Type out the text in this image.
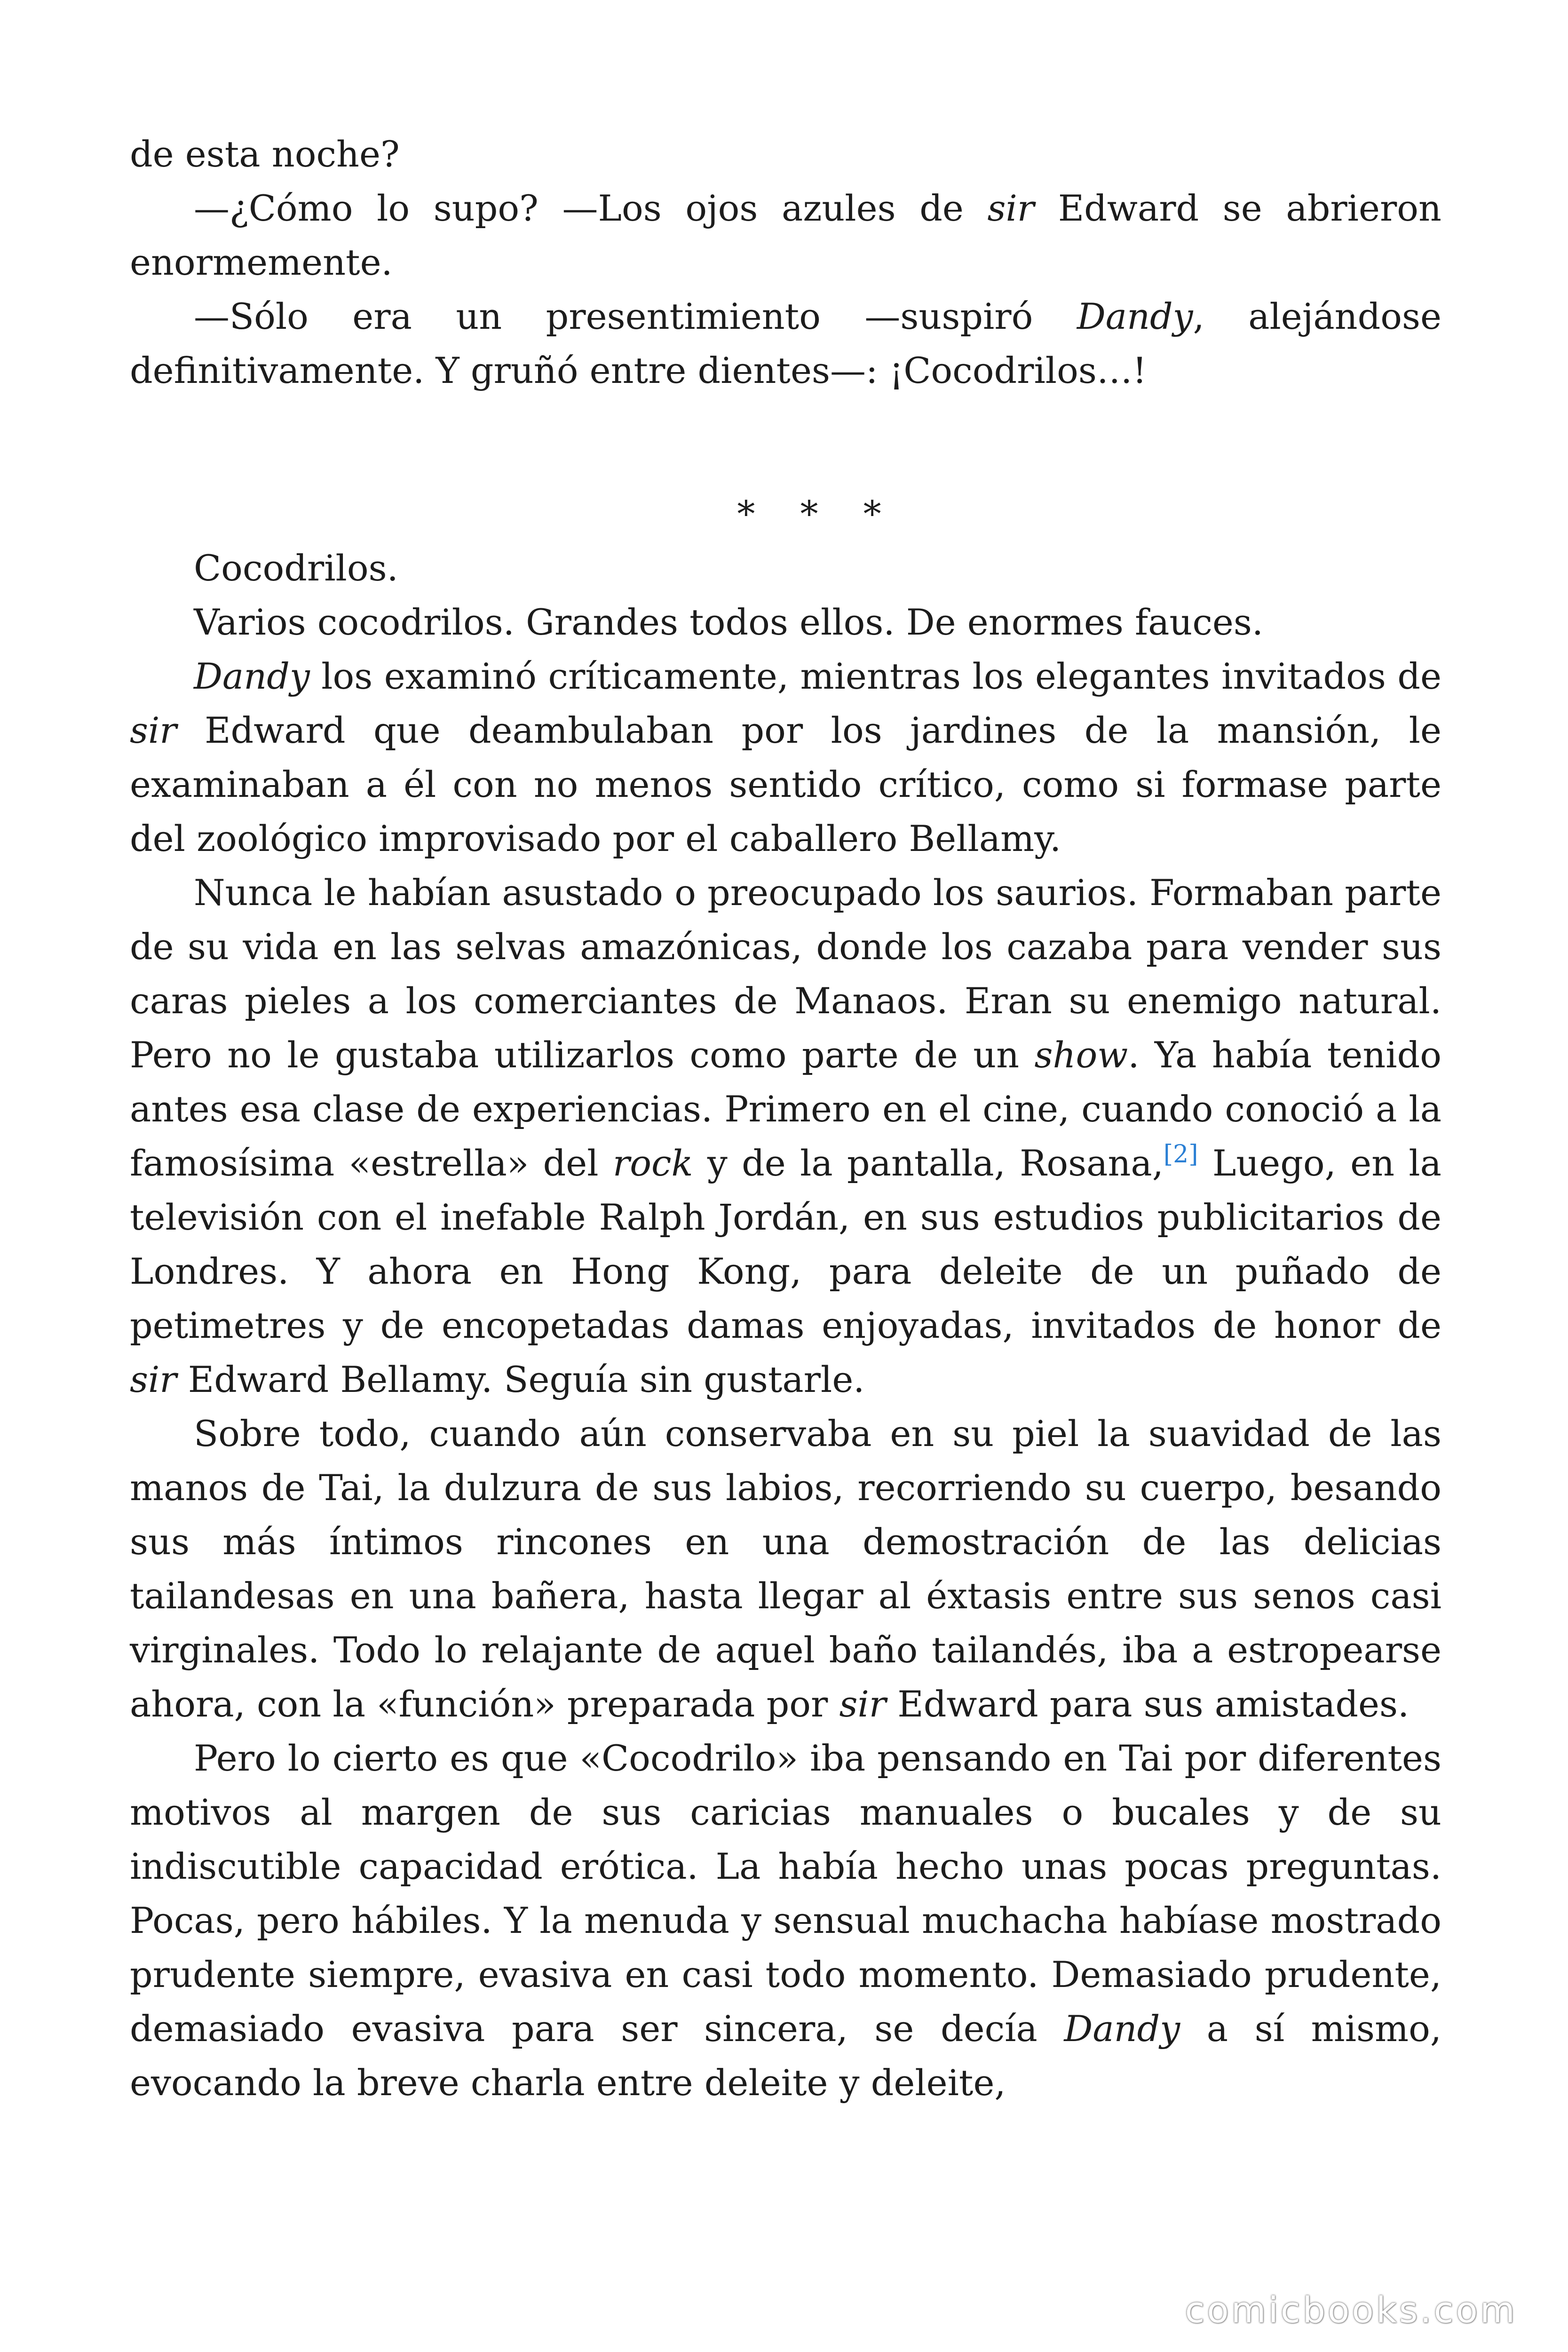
de esta noche?

—¿Cómo lo supo? —Los ojos azules de sir Edward se abrieron enormemente.

—Sólo era un presentimiento —suspiró Dandy, alejándose definitivamente. Y gruñó entre dientes—: ¡Cocodrilos…!

* * *

Cocodrilos.

Varios cocodrilos. Grandes todos ellos. De enormes fauces.

Dandy los examinó críticamente, mientras los elegantes invitados de sir Edward que deambulaban por los jardines de la mansión, le examinaban a él con no menos sentido crítico, como si formase parte del zoológico improvisado por el caballero Bellamy.

Nunca le habían asustado o preocupado los saurios. Formaban parte de su vida en las selvas amazónicas, donde los cazaba para vender sus caras pieles a los comerciantes de Manaos. Eran su enemigo natural. Pero no le gustaba utilizarlos como parte de un show. Ya había tenido antes esa clase de experiencias. Primero en el cine, cuando conoció a la famosísima «estrella» del rock y de la pantalla, Rosana,[2] Luego, en la televisión con el inefable Ralph Jordán, en sus estudios publicitarios de Londres. Y ahora en Hong Kong, para deleite de un puñado de petimetres y de encopetadas damas enjoyadas, invitados de honor de sir Edward Bellamy. Seguía sin gustarle.

Sobre todo, cuando aún conservaba en su piel la suavidad de las manos de Tai, la dulzura de sus labios, recorriendo su cuerpo, besando sus más íntimos rincones en una demostración de las delicias tailandesas en una bañera, hasta llegar al éxtasis entre sus senos casi virginales. Todo lo relajante de aquel baño tailandés, iba a estropearse ahora, con la «función» preparada por sir Edward para sus amistades.

Pero lo cierto es que «Cocodrilo» iba pensando en Tai por diferentes motivos al margen de sus caricias manuales o bucales y de su indiscutible capacidad erótica. La había hecho unas pocas preguntas. Pocas, pero hábiles. Y la menuda y sensual muchacha habíase mostrado prudente siempre, evasiva en casi todo momento. Demasiado prudente, demasiado evasiva para ser sincera, se decía Dandy a sí mismo, evocando la breve charla entre deleite y deleite,

comicbooks.com
